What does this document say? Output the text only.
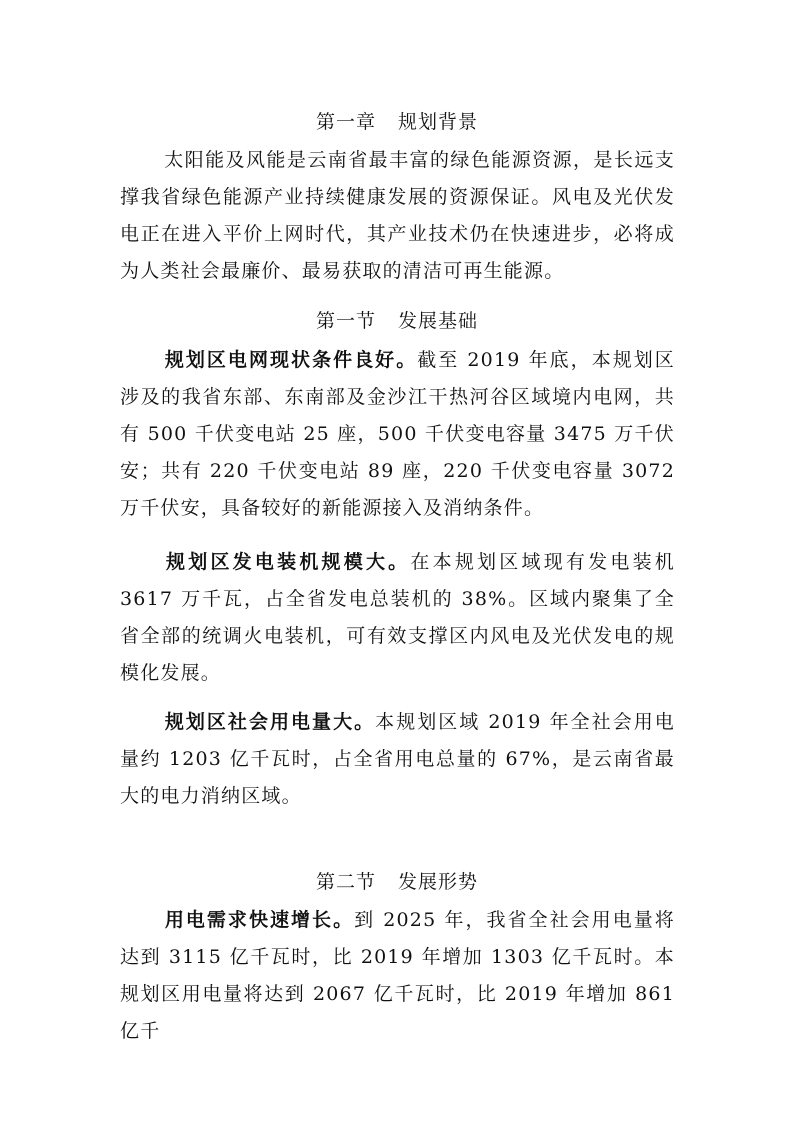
第一章 规划背景
太阳能及风能是云南省最丰富的绿色能源资源，是长远支撑我省绿色能源产业持续健康发展的资源保证。风电及光伏发电正在进入平价上网时代，其产业技术仍在快速进步，必将成为人类社会最廉价、最易获取的清洁可再生能源。
第一节 发展基础
规划区电网现状条件良好。截至 2019 年底，本规划区涉及的我省东部、东南部及金沙江干热河谷区域境内电网，共有 500 千伏变电站 25 座，500 千伏变电容量 3475 万千伏安；共有 220 千伏变电站 89 座，220 千伏变电容量 3072 万千伏安，具备较好的新能源接入及消纳条件。
规划区发电装机规模大。在本规划区域现有发电装机 3617 万千瓦，占全省发电总装机的 38%。区域内聚集了全省全部的统调火电装机，可有效支撑区内风电及光伏发电的规模化发展。
规划区社会用电量大。本规划区域 2019 年全社会用电量约 1203 亿千瓦时，占全省用电总量的 67%，是云南省最大的电力消纳区域。
第二节 发展形势
用电需求快速增长。到 2025 年，我省全社会用电量将达到 3115 亿千瓦时，比 2019 年增加 1303 亿千瓦时。本规划区用电量将达到 2067 亿千瓦时，比 2019 年增加 861 亿千
